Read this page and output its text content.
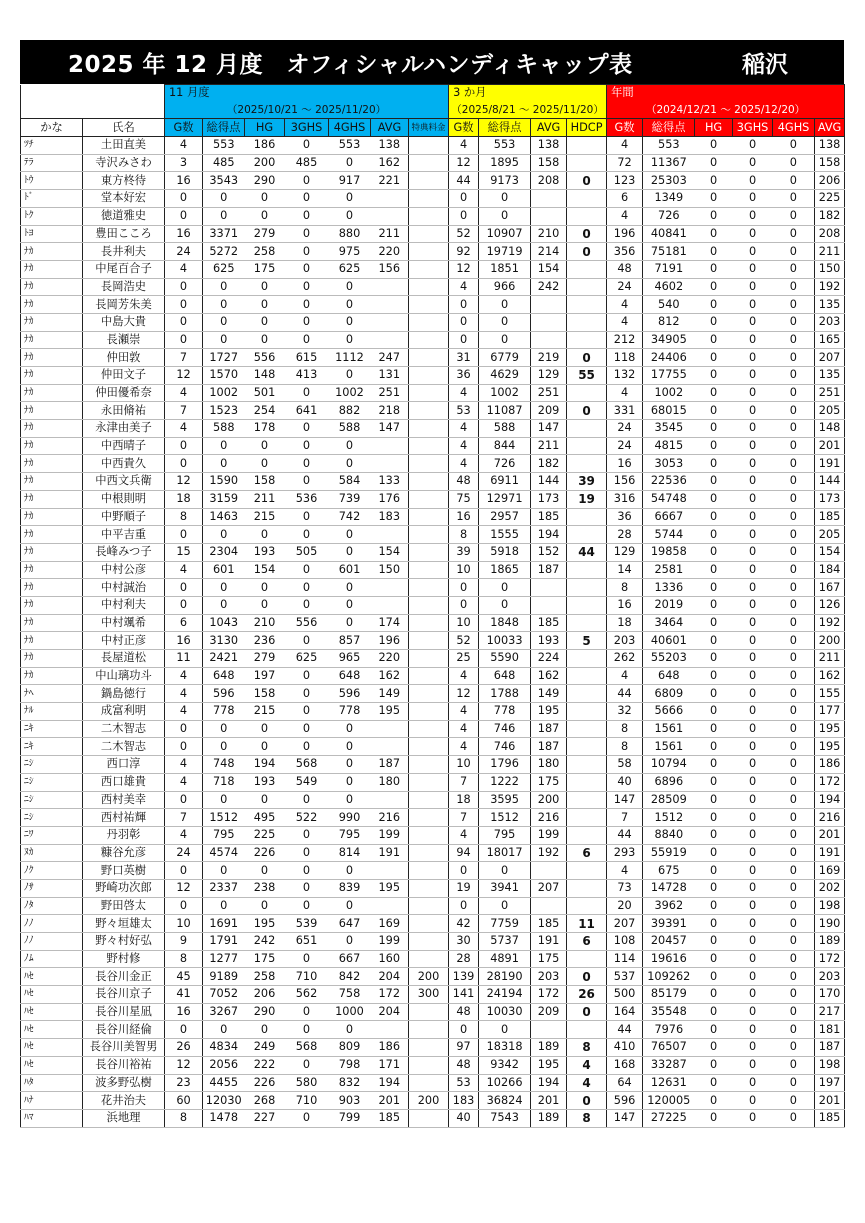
2025 年 12 月度　オフィシャルハンディキャップ表	稲沢
		11 月度							3 か月				年間					
		（2025/10/21 ～ 2025/11/20）							（2025/8/21 ～ 2025/11/20）				（2024/12/21 ～ 2025/12/20）					
かな	氏名	G数	総得点	HG	3GHS	4GHS	AVG	特典料金	G数	総得点	AVG	HDCP	G数	総得点	HG	3GHS	4GHS	AVG
ﾂﾁ	土田直美	4	553	186	0	553	138		4	553	138		4	553	0	0	0	138
ﾃﾗ	寺沢みさわ	3	485	200	485	0	162		12	1895	158		72	11367	0	0	0	158
ﾄｳ	東方柊待	16	3543	290	0	917	221		44	9173	208	0	123	25303	0	0	0	206
ﾄﾞ	堂本好宏	0	0	0	0	0			0	0			6	1349	0	0	0	225
ﾄｸ	徳道雅史	0	0	0	0	0			0	0			4	726	0	0	0	182
ﾄﾖ	豊田こころ	16	3371	279	0	880	211		52	10907	210	0	196	40841	0	0	0	208
ﾅｶ	長井利夫	24	5272	258	0	975	220		92	19719	214	0	356	75181	0	0	0	211
ﾅｶ	中尾百合子	4	625	175	0	625	156		12	1851	154		48	7191	0	0	0	150
ﾅｶ	長岡浩史	0	0	0	0	0			4	966	242		24	4602	0	0	0	192
ﾅｶ	長岡芳朱美	0	0	0	0	0			0	0			4	540	0	0	0	135
ﾅｶ	中島大貴	0	0	0	0	0			0	0			4	812	0	0	0	203
ﾅｶ	長瀬崇	0	0	0	0	0			0	0			212	34905	0	0	0	165
ﾅｶ	仲田敦	7	1727	556	615	1112	247		31	6779	219	0	118	24406	0	0	0	207
ﾅｶ	仲田文子	12	1570	148	413	0	131		36	4629	129	55	132	17755	0	0	0	135
ﾅｶ	仲田優希奈	4	1002	501	0	1002	251		4	1002	251		4	1002	0	0	0	251
ﾅｶ	永田脩祐	7	1523	254	641	882	218		53	11087	209	0	331	68015	0	0	0	205
ﾅｶ	永津由美子	4	588	178	0	588	147		4	588	147		24	3545	0	0	0	148
ﾅｶ	中西晴子	0	0	0	0	0			4	844	211		24	4815	0	0	0	201
ﾅｶ	中西貴久	0	0	0	0	0			4	726	182		16	3053	0	0	0	191
ﾅｶ	中西文兵衛	12	1590	158	0	584	133		48	6911	144	39	156	22536	0	0	0	144
ﾅｶ	中根則明	18	3159	211	536	739	176		75	12971	173	19	316	54748	0	0	0	173
ﾅｶ	中野順子	8	1463	215	0	742	183		16	2957	185		36	6667	0	0	0	185
ﾅｶ	中平吉重	0	0	0	0	0			8	1555	194		28	5744	0	0	0	205
ﾅｶ	長峰みつ子	15	2304	193	505	0	154		39	5918	152	44	129	19858	0	0	0	154
ﾅｶ	中村公彦	4	601	154	0	601	150		10	1865	187		14	2581	0	0	0	184
ﾅｶ	中村誠治	0	0	0	0	0			0	0			8	1336	0	0	0	167
ﾅｶ	中村利夫	0	0	0	0	0			0	0			16	2019	0	0	0	126
ﾅｶ	中村颯希	6	1043	210	556	0	174		10	1848	185		18	3464	0	0	0	192
ﾅｶ	中村正彦	16	3130	236	0	857	196		52	10033	193	5	203	40601	0	0	0	200
ﾅｶ	長屋道松	11	2421	279	625	965	220		25	5590	224		262	55203	0	0	0	211
ﾅｶ	中山璃功斗	4	648	197	0	648	162		4	648	162		4	648	0	0	0	162
ﾅﾍ	鍋島徳行	4	596	158	0	596	149		12	1788	149		44	6809	0	0	0	155
ﾅﾙ	成富利明	4	778	215	0	778	195		4	778	195		32	5666	0	0	0	177
ﾆｷ	二木智志	0	0	0	0	0			4	746	187		8	1561	0	0	0	195
ﾆｷ	二木智志	0	0	0	0	0			4	746	187		8	1561	0	0	0	195
ﾆｼ	西口淳	4	748	194	568	0	187		10	1796	180		58	10794	0	0	0	186
ﾆｼ	西口雄貴	4	718	193	549	0	180		7	1222	175		40	6896	0	0	0	172
ﾆｼ	西村美幸	0	0	0	0	0			18	3595	200		147	28509	0	0	0	194
ﾆｼ	西村祐輝	7	1512	495	522	990	216		7	1512	216		7	1512	0	0	0	216
ﾆﾜ	丹羽彰	4	795	225	0	795	199		4	795	199		44	8840	0	0	0	201
ﾇｶ	糠谷允彦	24	4574	226	0	814	191		94	18017	192	6	293	55919	0	0	0	191
ﾉｸ	野口英樹	0	0	0	0	0			0	0			4	675	0	0	0	169
ﾉｻ	野崎功次郎	12	2337	238	0	839	195		19	3941	207		73	14728	0	0	0	202
ﾉﾀ	野田啓太	0	0	0	0	0			0	0			20	3962	0	0	0	198
ﾉﾉ	野々垣雄太	10	1691	195	539	647	169		42	7759	185	11	207	39391	0	0	0	190
ﾉﾉ	野々村好弘	9	1791	242	651	0	199		30	5737	191	6	108	20457	0	0	0	189
ﾉﾑ	野村修	8	1277	175	0	667	160		28	4891	175		114	19616	0	0	0	172
ﾊｾ	長谷川金正	45	9189	258	710	842	204	200	139	28190	203	0	537	109262	0	0	0	203
ﾊｾ	長谷川京子	41	7052	206	562	758	172	300	141	24194	172	26	500	85179	0	0	0	170
ﾊｾ	長谷川星凪	16	3267	290	0	1000	204		48	10030	209	0	164	35548	0	0	0	217
ﾊｾ	長谷川経倫	0	0	0	0	0			0	0			44	7976	0	0	0	181
ﾊｾ	長谷川美智男	26	4834	249	568	809	186		97	18318	189	8	410	76507	0	0	0	187
ﾊｾ	長谷川裕祐	12	2056	222	0	798	171		48	9342	195	4	168	33287	0	0	0	198
ﾊﾀ	波多野弘樹	23	4455	226	580	832	194		53	10266	194	4	64	12631	0	0	0	197
ﾊﾅ	花井治夫	60	12030	268	710	903	201	200	183	36824	201	0	596	120005	0	0	0	201
ﾊﾏ	浜地理	8	1478	227	0	799	185		40	7543	189	8	147	27225	0	0	0	185
